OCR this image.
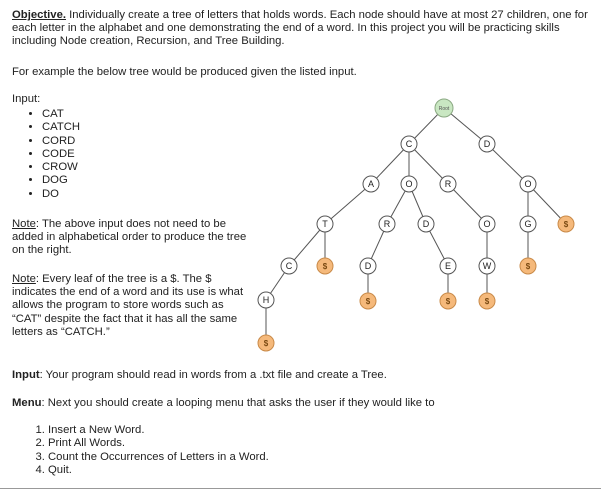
Objective. Individually create a tree of letters that holds words. Each node should have at most 27 children, one for each letter in the alphabet and one demonstrating the end of a word. In this project you will be practicing skills including Node creation, Recursion, and Tree Building.
For example the below tree would be produced given the listed input.
Input:
• CAT
• CATCH
• CORD
• CODE
• CROW
• DOG
• DO
Note: The above input does not need to be added in alphabetical order to produce the tree on the right.
Note: Every leaf of the tree is a $. The $ indicates the end of a word and its use is what allows the program to store words such as “CAT” despite the fact that it has all the same letters as “CATCH.”
Root
C	D
A	O	R	O
T	R	D	O	G	$
C	$	D	E	W	$
H	$	$	$
$
Input: Your program should read in words from a .txt file and create a Tree.
Menu: Next you should create a looping menu that asks the user if they would like to
1. Insert a New Word.
2. Print All Words.
3. Count the Occurrences of Letters in a Word.
4. Quit.
